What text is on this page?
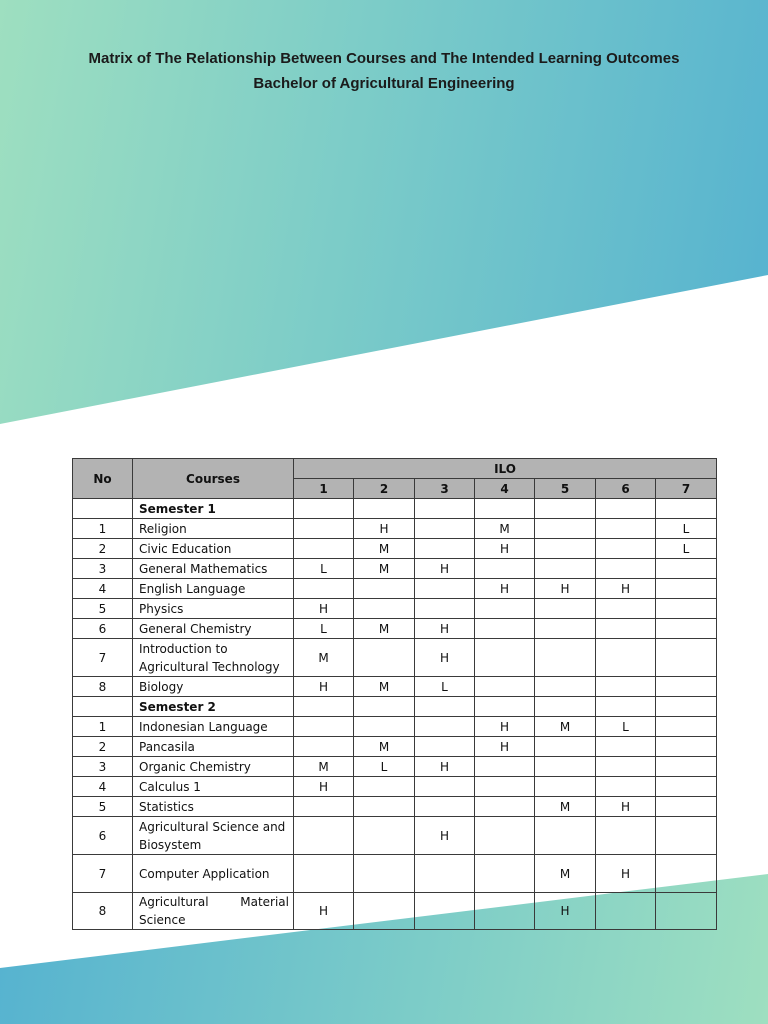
Matrix of The Relationship Between Courses and The Intended Learning Outcomes
Bachelor of Agricultural Engineering
No	Courses	ILO						
		1	2	3	4	5	6	7
	Semester 1							
1	Religion		H		M			L
2	Civic Education		M		H			L
3	General Mathematics	L	M	H				
4	English Language				H	H	H	
5	Physics	H						
6	General Chemistry	L	M	H				
7	Introduction to Agricultural Technology	M		H				
8	Biology	H	M	L				
	Semester 2							
1	Indonesian Language				H	M	L	
2	Pancasila		M		H			
3	Organic Chemistry	M	L	H				
4	Calculus 1	H						
5	Statistics					M	H	
6	Agricultural Science and Biosystem			H				
7	Computer Application					M	H	
8	Agricultural Material Science	H				H		
